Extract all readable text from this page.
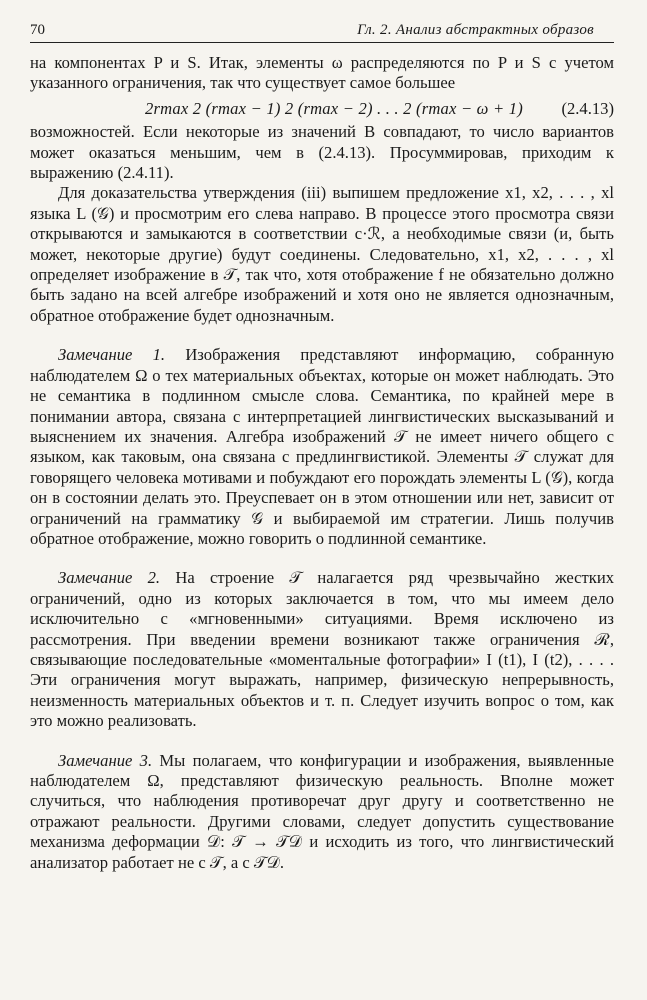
70	Гл. 2. Анализ абстрактных образов

на компонентах P и S. Итак, элементы ω распределяются по P и S с учетом указанного ограничения, так что существует самое большее

2rmax 2 (rmax − 1) 2 (rmax − 2) . . . 2 (rmax − ω + 1) (2.4.13)

возможностей. Если некоторые из значений B совпадают, то число вариантов может оказаться меньшим, чем в (2.4.13). Просуммировав, приходим к выражению (2.4.11).

Для доказательства утверждения (iii) выпишем предложение x1, x2, . . . , xl языка L (𝒢) и просмотрим его слева направо. В процессе этого просмотра связи открываются и замыкаются в соответствии с·ℛ, а необходимые связи (и, быть может, некоторые другие) будут соединены. Следовательно, x1, x2, . . . , xl определяет изображение в 𝒯, так что, хотя отображение f не обязательно должно быть задано на всей алгебре изображений и хотя оно не является однозначным, обратное отображение будет однозначным.

Замечание 1. Изображения представляют информацию, собранную наблюдателем Ω о тех материальных объектах, которые он может наблюдать. Это не семантика в подлинном смысле слова. Семантика, по крайней мере в понимании автора, связана с интерпретацией лингвистических высказываний и выяснением их значения. Алгебра изображений 𝒯 не имеет ничего общего с языком, как таковым, она связана с предлингвистикой. Элементы 𝒯 служат для говорящего человека мотивами и побуждают его порождать элементы L (𝒢), когда он в состоянии делать это. Преуспевает он в этом отношении или нет, зависит от ограничений на грамматику 𝒢 и выбираемой им стратегии. Лишь получив обратное отображение, можно говорить о подлинной семантике.

Замечание 2. На строение 𝒯 налагается ряд чрезвычайно жестких ограничений, одно из которых заключается в том, что мы имеем дело исключительно с «мгновенными» ситуациями. Время исключено из рассмотрения. При введении времени возникают также ограничения ℛ, связывающие последовательные «моментальные фотографии» I (t1), I (t2), . . . . Эти ограничения могут выражать, например, физическую непрерывность, неизменность материальных объектов и т. п. Следует изучить вопрос о том, как это можно реализовать.

Замечание 3. Мы полагаем, что конфигурации и изображения, выявленные наблюдателем Ω, представляют физическую реальность. Вполне может случиться, что наблюдения противоречат друг другу и соответственно не отражают реальности. Другими словами, следует допустить существование механизма деформации 𝒟: 𝒯 → 𝒯𝒟 и исходить из того, что лингвистический анализатор работает не с 𝒯, а с 𝒯𝒟.
